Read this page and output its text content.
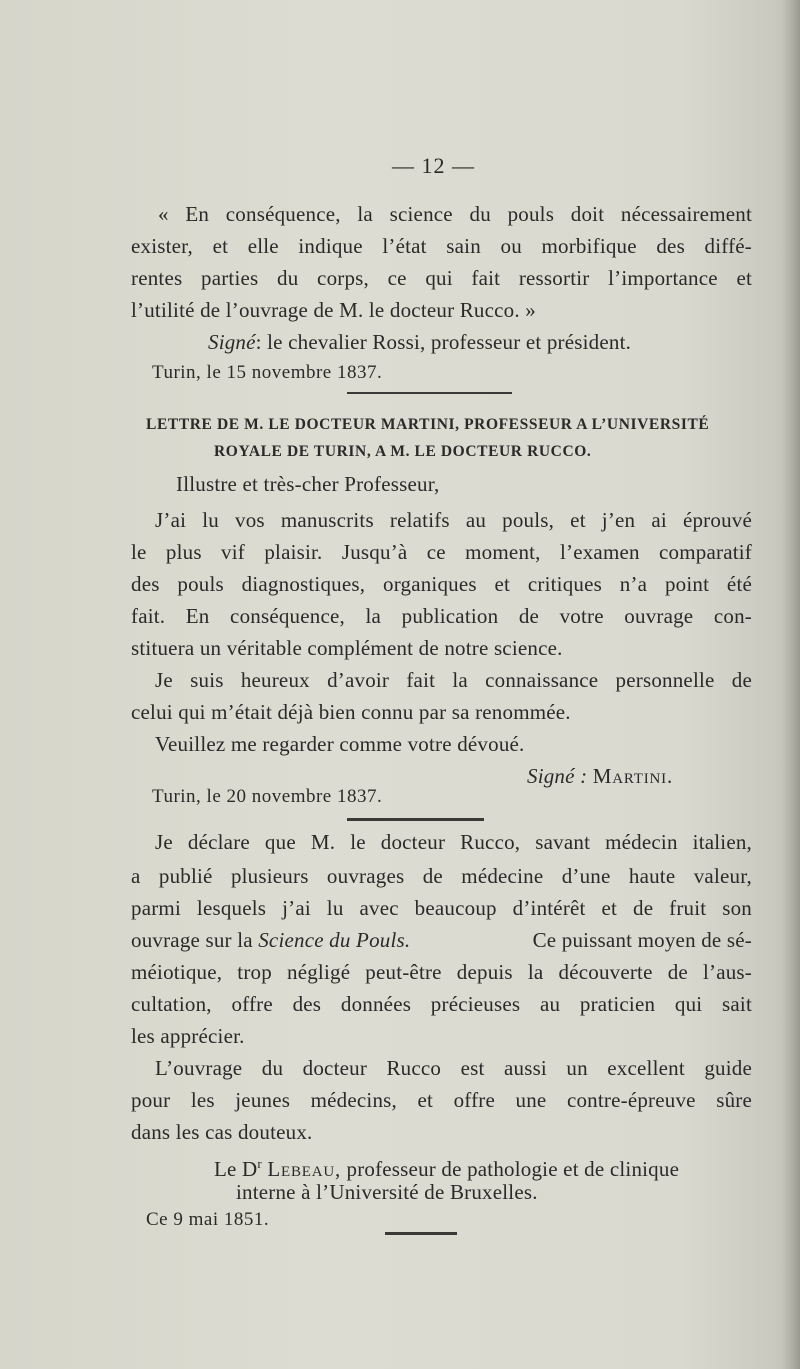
— 12 —
« En conséquence, la science du pouls doit nécessairement
exister, et elle indique l’état sain ou morbifique des diffé-
rentes parties du corps, ce qui fait ressortir l’importance et
l’utilité de l’ouvrage de M. le docteur Rucco. »
Signé: le chevalier Rossi, professeur et président.
Turin, le 15 novembre 1837.
LETTRE DE M. LE DOCTEUR MARTINI, PROFESSEUR A L’UNIVERSITÉ
ROYALE DE TURIN, A M. LE DOCTEUR RUCCO.
Illustre et très-cher Professeur,
J’ai lu vos manuscrits relatifs au pouls, et j’en ai éprouvé
le plus vif plaisir. Jusqu’à ce moment, l’examen comparatif
des pouls diagnostiques, organiques et critiques n’a point été
fait. En conséquence, la publication de votre ouvrage con-
stituera un véritable complément de notre science.
Je suis heureux d’avoir fait la connaissance personnelle de
celui qui m’était déjà bien connu par sa renommée.
Veuillez me regarder comme votre dévoué.
Signé : Martini.
Turin, le 20 novembre 1837.
Je déclare que M. le docteur Rucco, savant médecin italien,
a publié plusieurs ouvrages de médecine d’une haute valeur,
parmi lesquels j’ai lu avec beaucoup d’intérêt et de fruit son
ouvrage sur la Science du Pouls.	Ce puissant moyen de sé-
méiotique, trop négligé peut-être depuis la découverte de l’aus-
cultation, offre des données précieuses au praticien qui sait
les apprécier.
L’ouvrage du docteur Rucco est aussi un excellent guide
pour les jeunes médecins, et offre une contre-épreuve sûre
dans les cas douteux.
Le $D^r$ Lebeau, professeur de pathologie et de clinique
interne à l’Université de Bruxelles.
Ce 9 mai 1851.
